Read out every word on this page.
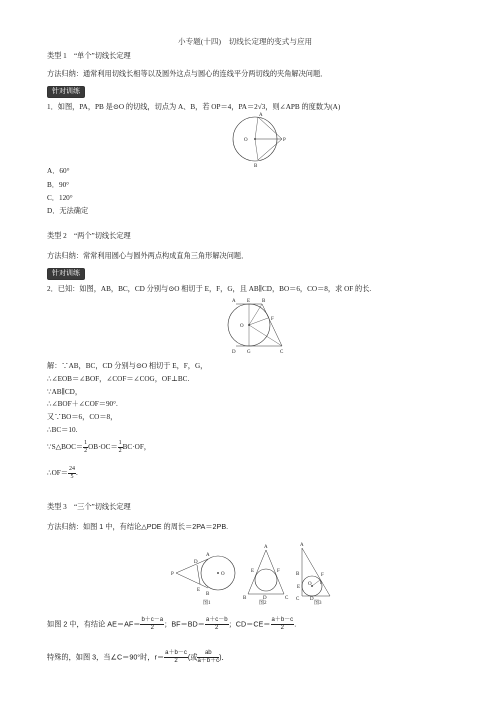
小专题(十四)　切线长定理的变式与应用
类型 1　“单个”切线长定理
方法归纳：通常利用切线长相等以及圆外这点与圆心的连线平分两切线的夹角解决问题．
针对训练
1．如图，PA，PB 是⊙O 的切线，切点为 A、B，若 OP＝4，PA＝2√3，则∠APB 的度数为(A)
A
O	P
B
A．60°
B．90°
C．120°
D．无法确定
类型 2　“两个”切线长定理
方法归纳：常常利用圆心与圆外两点构成直角三角形解决问题．
针对训练
2．已知：如图，AB，BC，CD 分别与⊙O 相切于 E，F，G，且 AB∥CD，BO＝6，CO＝8，求 OF 的长.
A E B
F
O
D G	C
解：∵AB，BC，CD 分别与⊙O 相切于 E，F，G，
∴∠EOB＝∠BOF，∠COF＝∠COG，OF⊥BC.
∵AB∥CD，
∴∠BOF＋∠COF＝90°.
又∵BO＝6，CO＝8，
∴BC＝10.
∵S△BOC＝ $\frac{1}{2} OB\cdot OC= \frac{1}{2} BC\cdot OF$，
∴OF＝ $\frac{24}{5}$ .
类型 3　“三个”切线长定理
方法归纳：如图 1 中，有结论△PDE 的周长＝2PA＝2PB.
P
A
D
E
O
B
图1
A
E	F
B	D	C
图2
A
B
C D
E
F
O r
图3
如图 2 中，有结论 $AE=AF= \frac{b+c-a}{2}$ ；$BF=BD= \frac{a+c-b}{2}$ ；$CD=CE= \frac{a+b-c}{2}$ .
特殊的，如图 3，当∠C＝90°时，$r= \frac{a+b-c}{2}$ (或 $\frac{ab}{a+b+c}$ )．
